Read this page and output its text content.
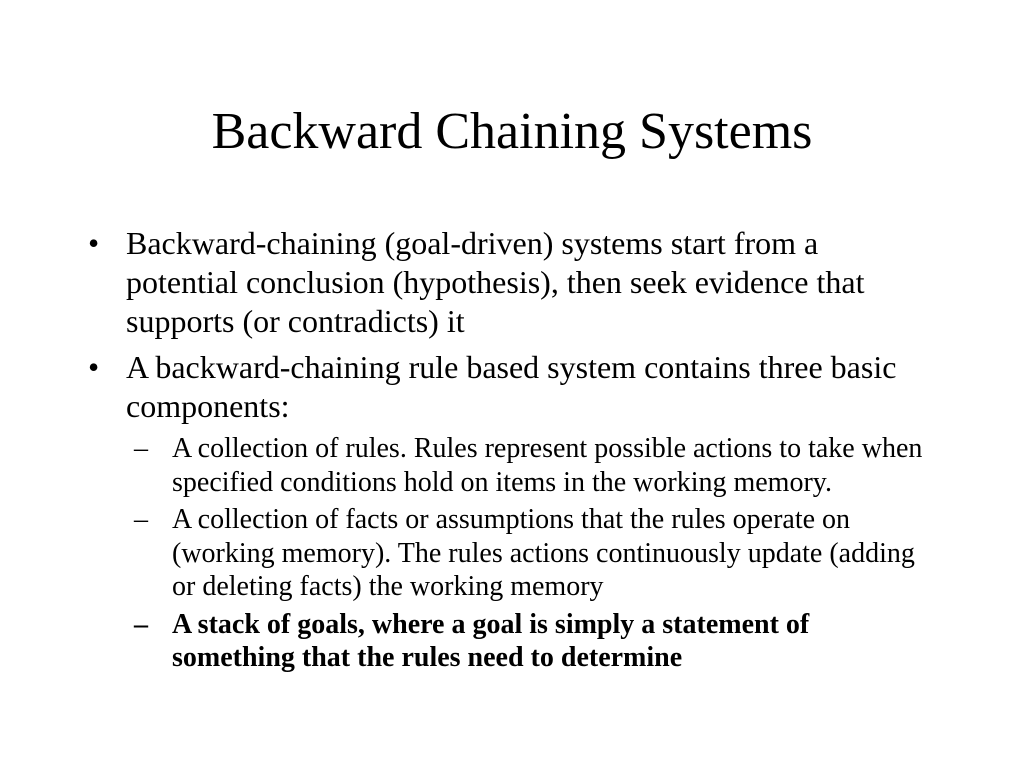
Backward Chaining Systems
• Backward-chaining (goal-driven) systems start from a potential conclusion (hypothesis), then seek evidence that supports (or contradicts) it
• A backward-chaining rule based system contains three basic components:
– A collection of rules. Rules represent possible actions to take when specified conditions hold on items in the working memory.
– A collection of facts or assumptions that the rules operate on (working memory). The rules actions continuously update (adding or deleting facts) the working memory
– A stack of goals, where a goal is simply a statement of something that the rules need to determine
